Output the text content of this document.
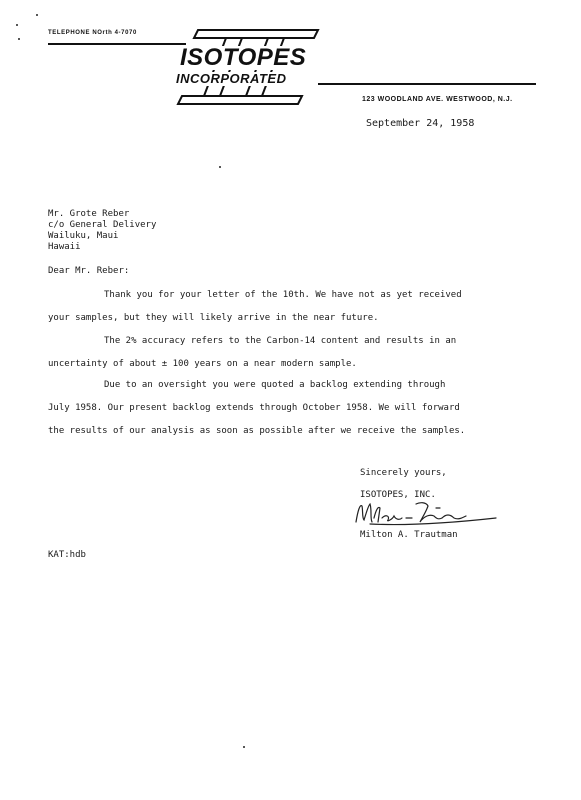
TELEPHONE NOrth 4-7070
ISOTOPES
INCORPORATED
123 WOODLAND AVE. WESTWOOD, N.J.
September 24, 1958
Mr. Grote Reber
c/o General Delivery
Wailuku, Maui
Hawaii
Dear Mr. Reber:
Thank you for your letter of the 10th. We have not as yet received
your samples, but they will likely arrive in the near future.
The 2% accuracy refers to the Carbon-14 content and results in an
uncertainty of about ± 100 years on a near modern sample.
Due to an oversight you were quoted a backlog extending through
July 1958. Our present backlog extends through October 1958. We will forward
the results of our analysis as soon as possible after we receive the samples.
Sincerely yours,
ISOTOPES, INC.
Milton A. Trautman
KAT:hdb
